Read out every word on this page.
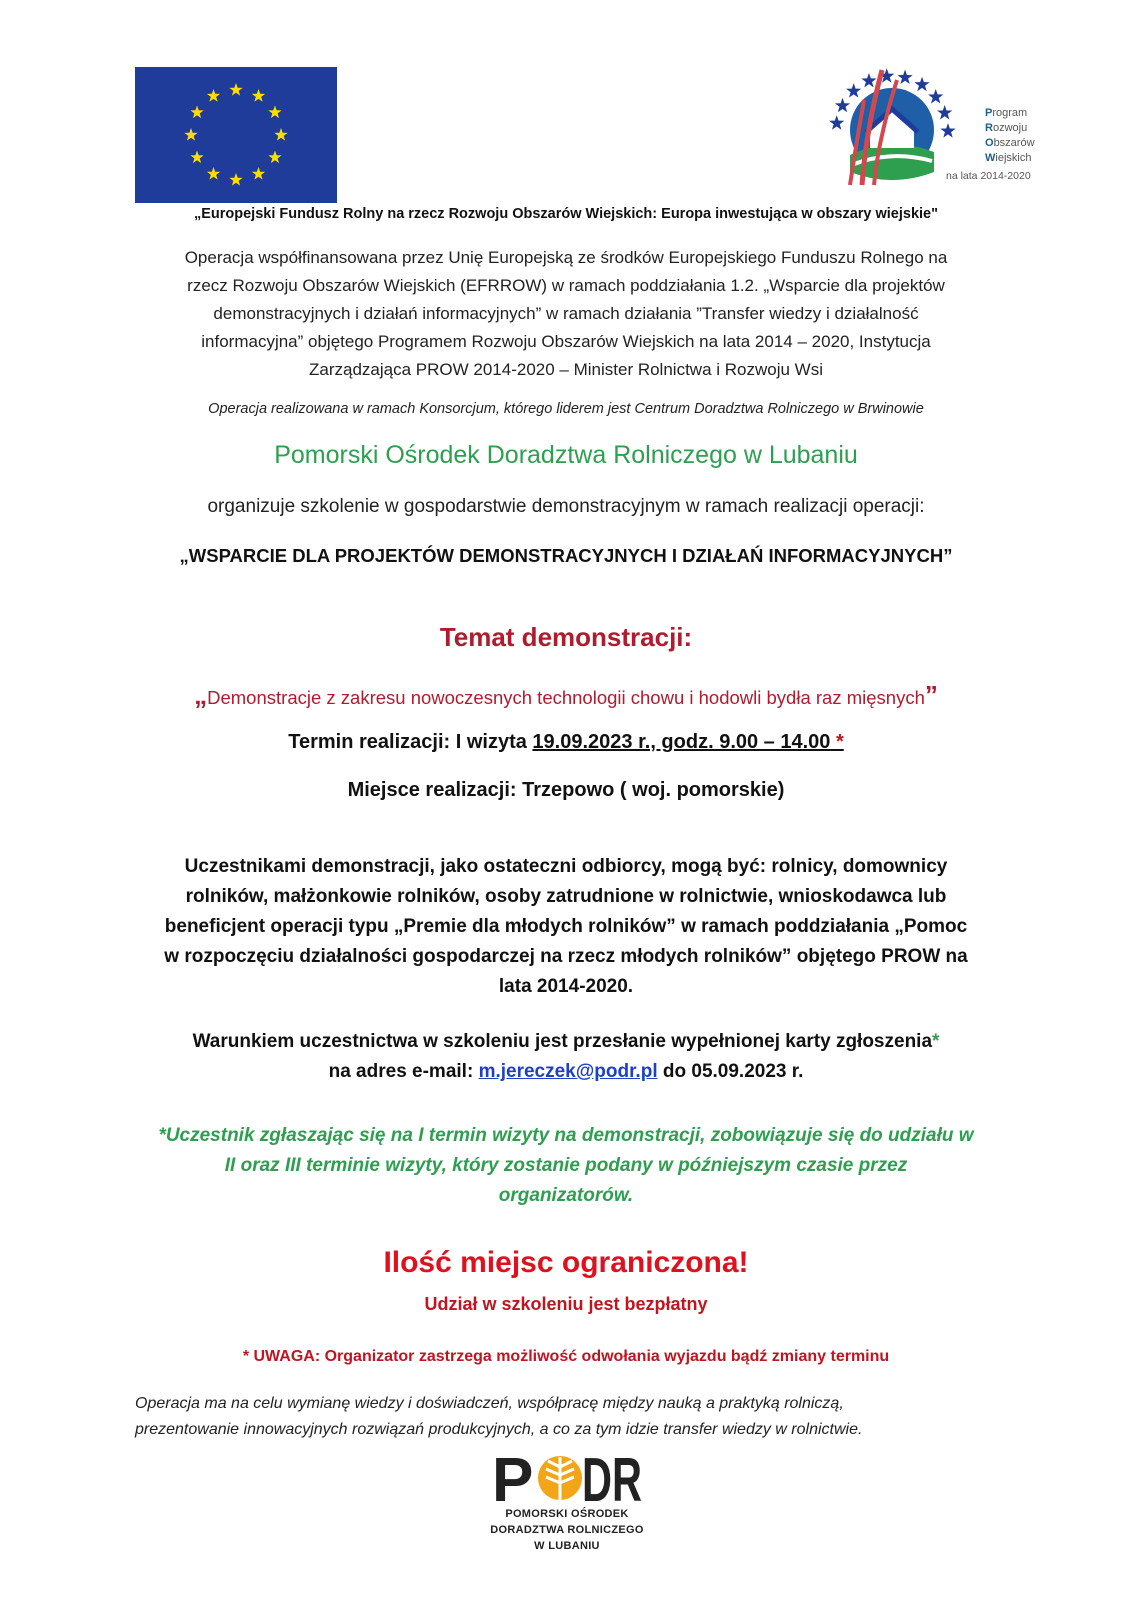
Program
Rozwoju
Obszarów
Wiejskich
na lata 2014-2020
„Europejski Fundusz Rolny na rzecz Rozwoju Obszarów Wiejskich: Europa inwestująca w obszary wiejskie"
Operacja współfinansowana przez Unię Europejską ze środków Europejskiego Funduszu Rolnego na
rzecz Rozwoju Obszarów Wiejskich (EFRROW) w ramach poddziałania 1.2. „Wsparcie dla projektów
demonstracyjnych i działań informacyjnych” w ramach działania ”Transfer wiedzy i działalność
informacyjna” objętego Programem Rozwoju Obszarów Wiejskich na lata 2014 – 2020, Instytucja
Zarządzająca PROW 2014-2020 – Minister Rolnictwa i Rozwoju Wsi
Operacja realizowana w ramach Konsorcjum, którego liderem jest Centrum Doradztwa Rolniczego w Brwinowie
Pomorski Ośrodek Doradztwa Rolniczego w Lubaniu
organizuje szkolenie w gospodarstwie demonstracyjnym w ramach realizacji operacji:
„WSPARCIE DLA PROJEKTÓW DEMONSTRACYJNYCH I DZIAŁAŃ INFORMACYJNYCH”
Temat demonstracji:
„Demonstracje z zakresu nowoczesnych technologii chowu i hodowli bydła raz mięsnych”
Termin realizacji: I wizyta 19.09.2023 r., godz. 9.00 – 14.00 *
Miejsce realizacji: Trzepowo ( woj. pomorskie)
Uczestnikami demonstracji, jako ostateczni odbiorcy, mogą być: rolnicy, domownicy
rolników, małżonkowie rolników, osoby zatrudnione w rolnictwie, wnioskodawca lub
beneficjent operacji typu „Premie dla młodych rolników” w ramach poddziałania „Pomoc
w rozpoczęciu działalności gospodarczej na rzecz młodych rolników” objętego PROW na
lata 2014-2020.
Warunkiem uczestnictwa w szkoleniu jest przesłanie wypełnionej karty zgłoszenia*
na adres e-mail: m.jereczek@podr.pl do 05.09.2023 r.
*Uczestnik zgłaszając się na I termin wizyty na demonstracji, zobowiązuje się do udziału w
II oraz III terminie wizyty, który zostanie podany w późniejszym czasie przez
organizatorów.
Ilość miejsc ograniczona!
Udział w szkoleniu jest bezpłatny
* UWAGA: Organizator zastrzega możliwość odwołania wyjazdu bądź zmiany terminu
Operacja ma na celu wymianę wiedzy i doświadczeń, współpracę między nauką a praktyką rolniczą,
prezentowanie innowacyjnych rozwiązań produkcyjnych, a co za tym idzie transfer wiedzy w rolnictwie.
P DR
POMORSKI OŚRODEK
DORADZTWA ROLNICZEGO
W LUBANIU
